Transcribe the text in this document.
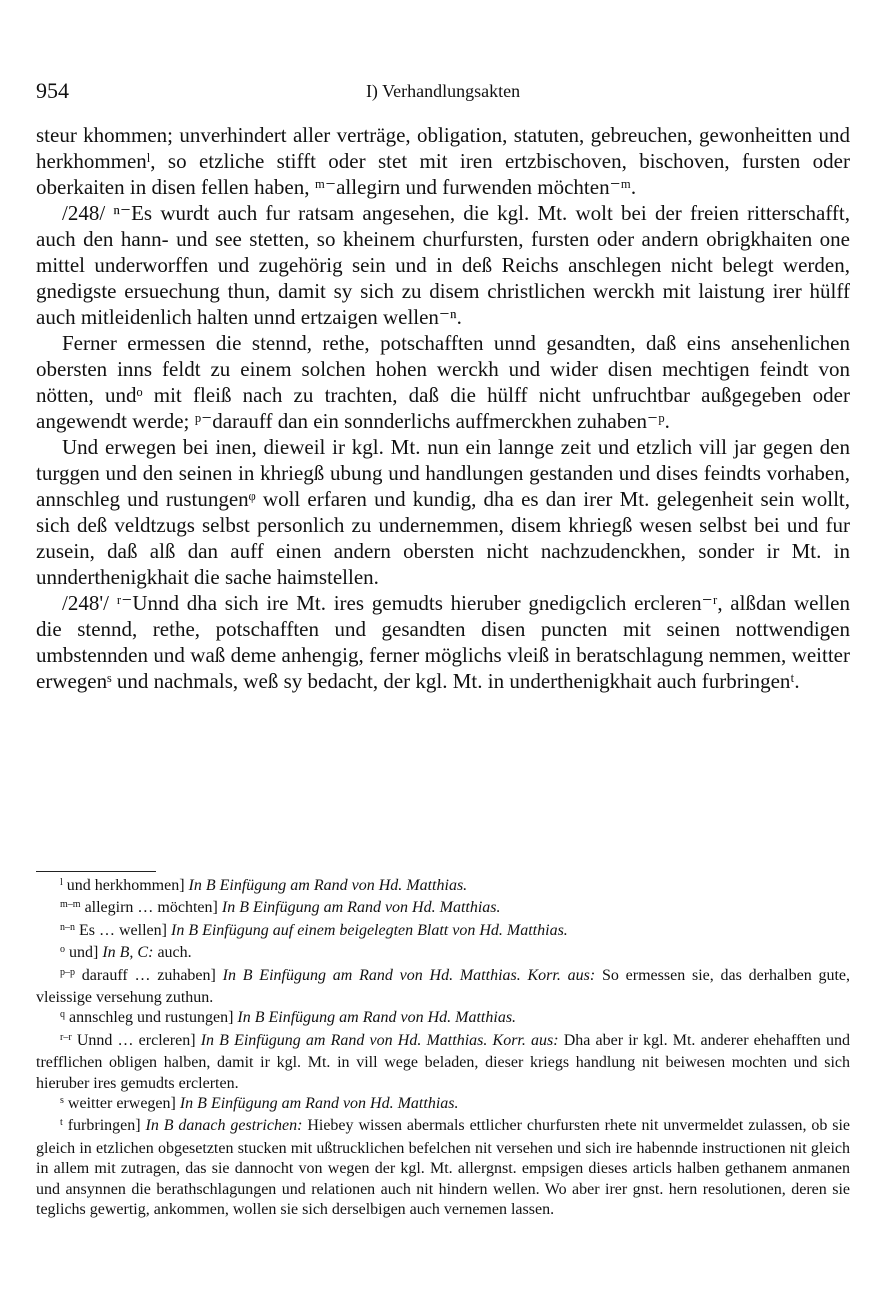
954	I) Verhandlungsakten

steur khommen; unverhindert aller verträge, obligation, statuten, gebreuchen, gewonheitten und herkhommenˡ, so etzliche stifft oder stet mit iren ertzbischoven, bischoven, fursten oder oberkaiten in disen fellen haben, ᵐ⁻allegirn und furwenden möchten⁻ᵐ.

/248/ ⁿ⁻Es wurdt auch fur ratsam angesehen, die kgl. Mt. wolt bei der freien ritterschafft, auch den hann- und see stetten, so kheinem churfursten, fursten oder andern obrigkhaiten one mittel underworffen und zugehörig sein und in deß Reichs anschlegen nicht belegt werden, gnedigste ersuechung thun, damit sy sich zu disem christlichen werckh mit laistung irer hülff auch mitleidenlich halten unnd ertzaigen wellen⁻ⁿ.

Ferner ermessen die stennd, rethe, potschafften unnd gesandten, daß eins ansehenlichen obersten inns feldt zu einem solchen hohen werckh und wider disen mechtigen feindt von nötten, undᵒ mit fleiß nach zu trachten, daß die hülff nicht unfruchtbar außgegeben oder angewendt werde; ᵖ⁻darauff dan ein sonnderlichs auffmerckhen zuhaben⁻ᵖ.

Und erwegen bei inen, dieweil ir kgl. Mt. nun ein lannge zeit und etzlich vill jar gegen den turggen und den seinen in khriegß ubung und handlungen gestanden und dises feindts vorhaben, annschleg und rustungenᵠ woll erfaren und kundig, dha es dan irer Mt. gelegenheit sein wollt, sich deß veldtzugs selbst personlich zu undernemmen, disem khriegß wesen selbst bei und fur zusein, daß alß dan auff einen andern obersten nicht nachzudenckhen, sonder ir Mt. in unnderthenigkhait die sache haimstellen.

/248'/ ʳ⁻Unnd dha sich ire Mt. ires gemudts hieruber gnedigclich ercleren⁻ʳ, alßdan wellen die stennd, rethe, potschafften und gesandten disen puncten mit seinen nottwendigen umbstennden und waß deme anhengig, ferner möglichs vleiß in beratschlagung nemmen, weitter erwegenˢ und nachmals, weß sy bedacht, der kgl. Mt. in underthenigkhait auch furbringenᵗ.

$^l$ und herkhommen] In B Einfügung am Rand von Hd. Matthias.

$^{m-m}$ allegirn … möchten] In B Einfügung am Rand von Hd. Matthias.

$^{n-n}$ Es … wellen] In B Einfügung auf einem beigelegten Blatt von Hd. Matthias.

$^o$ und] In B, C: auch.

$^{p-p}$ darauff … zuhaben] In B Einfügung am Rand von Hd. Matthias. Korr. aus: So ermessen sie, das derhalben gute, vleissige versehung zuthun.

$^q$ annschleg und rustungen] In B Einfügung am Rand von Hd. Matthias.

$^{r-r}$ Unnd … ercleren] In B Einfügung am Rand von Hd. Matthias. Korr. aus: Dha aber ir kgl. Mt. anderer ehehafften und trefflichen obligen halben, damit ir kgl. Mt. in vill wege beladen, dieser kriegs handlung nit beiwesen mochten und sich hieruber ires gemudts erclerten.

$^s$ weitter erwegen] In B Einfügung am Rand von Hd. Matthias.

$^t$ furbringen] In B danach gestrichen: Hiebey wissen abermals ettlicher churfursten rhete nit unvermeldet zulassen, ob sie gleich in etzlichen obgesetzten stucken mit ußtrucklichen befelchen nit versehen und sich ire habennde instructionen nit gleich in allem mit zutragen, das sie dannocht von wegen der kgl. Mt. allergnst. empsigen dieses articls halben gethanem anmanen und ansynnen die berathschlagungen und relationen auch nit hindern wellen. Wo aber irer gnst. hern resolutionen, deren sie teglichs gewertig, ankommen, wollen sie sich derselbigen auch vernemen lassen.
